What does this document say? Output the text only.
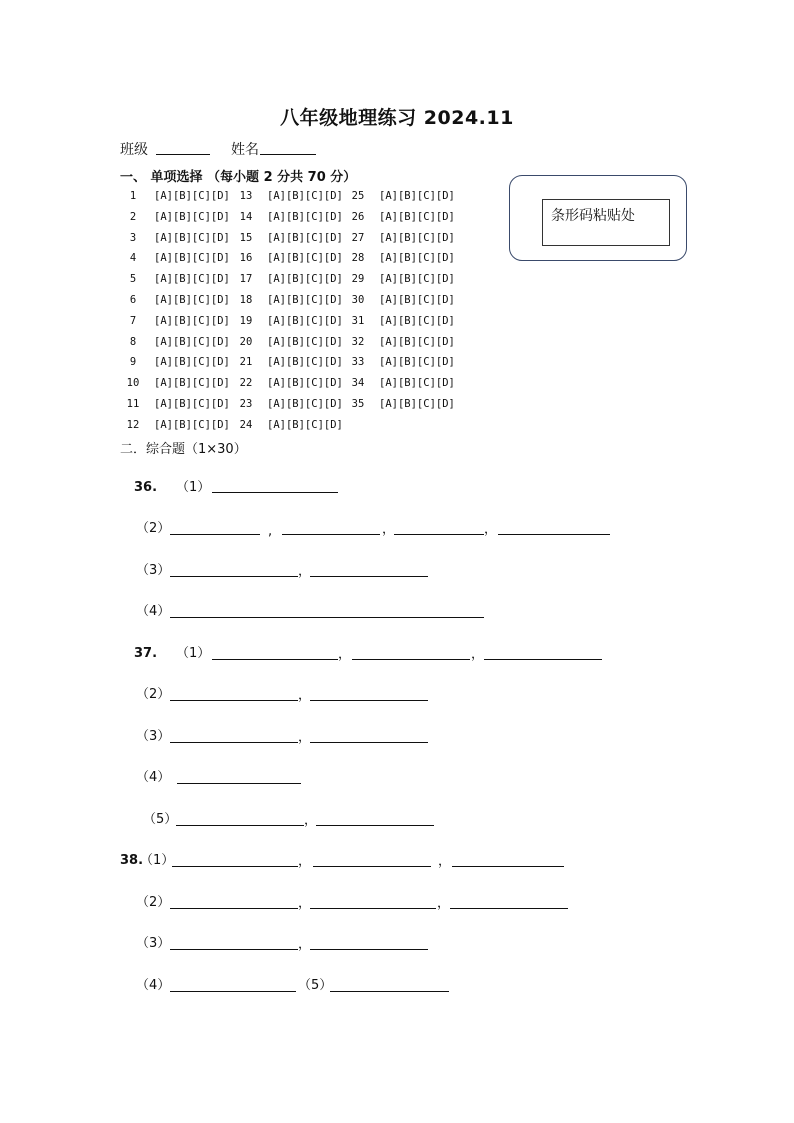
八年级地理练习 2024.11
班级	姓名
一、 单项选择 （每小题 2 分共 70 分）
1	[A][B][C][D]
2	[A][B][C][D]
3	[A][B][C][D]
4	[A][B][C][D]
5	[A][B][C][D]
6	[A][B][C][D]
7	[A][B][C][D]
8	[A][B][C][D]
9	[A][B][C][D]
10	[A][B][C][D]
11	[A][B][C][D]
12	[A][B][C][D]
13	[A][B][C][D]
14	[A][B][C][D]
15	[A][B][C][D]
16	[A][B][C][D]
17	[A][B][C][D]
18	[A][B][C][D]
19	[A][B][C][D]
20	[A][B][C][D]
21	[A][B][C][D]
22	[A][B][C][D]
23	[A][B][C][D]
24	[A][B][C][D]
25	[A][B][C][D]
26	[A][B][C][D]
27	[A][B][C][D]
28	[A][B][C][D]
29	[A][B][C][D]
30	[A][B][C][D]
31	[A][B][C][D]
32	[A][B][C][D]
33	[A][B][C][D]
34	[A][B][C][D]
35	[A][B][C][D]
条形码粘贴处
二．综合题（1×30）
36. （1）
（2）	,	，	，
（3）	，
（4）
37. （1）	，	，
（2）	，
（3）	，
（4）
（5）	，
38.
（1）	，	，
（2）	，	，
（3）	，
（4）	（5）
